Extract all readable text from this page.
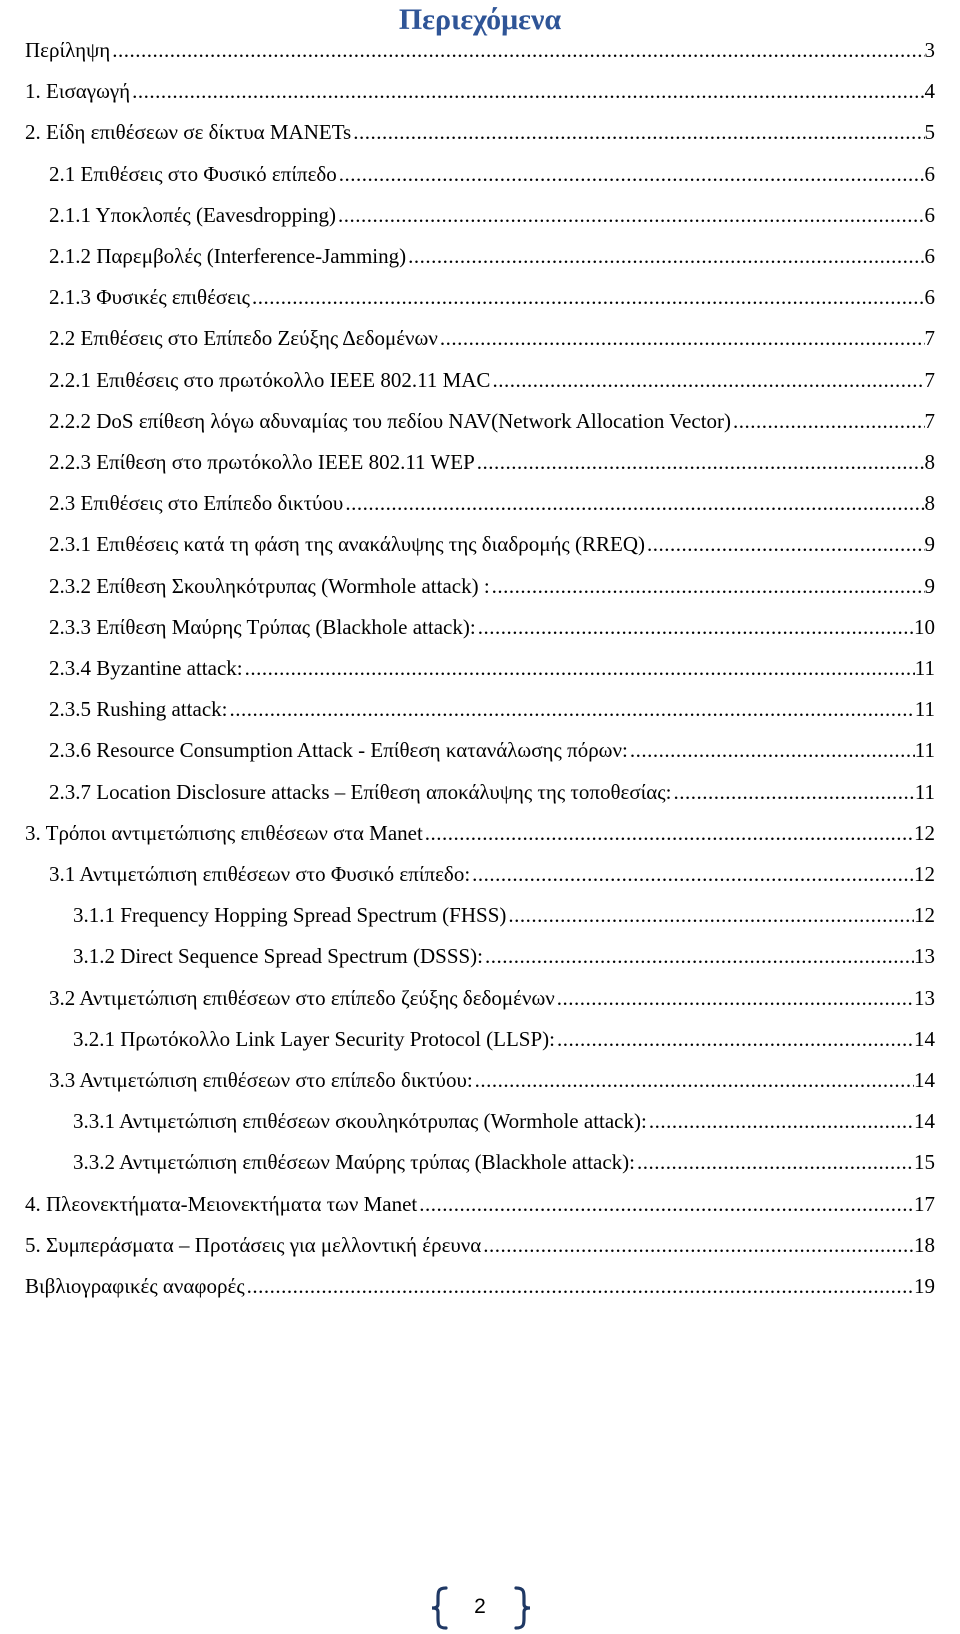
Περιεχόμενα
Περίληψη .....	3
1. Εισαγωγή .....	4
2. Είδη επιθέσεων σε δίκτυα MANETs .....	5
2.1 Επιθέσεις στο Φυσικό επίπεδο .....	6
2.1.1 Υποκλοπές (Eavesdropping) .....	6
2.1.2 Παρεμβολές (Interference-Jamming) .....	6
2.1.3 Φυσικές επιθέσεις .....	6
2.2 Επιθέσεις στο Επίπεδο Ζεύξης Δεδομένων .....	7
2.2.1 Επιθέσεις στο πρωτόκολλο IEEE 802.11 MAC .....	7
2.2.2 DoS επίθεση λόγω αδυναμίας του πεδίου NAV(Network Allocation Vector) .....	7
2.2.3 Επίθεση στο πρωτόκολλο IEEE 802.11 WEP .....	8
2.3 Επιθέσεις στο Επίπεδο δικτύου .....	8
2.3.1 Επιθέσεις κατά τη φάση της ανακάλυψης της διαδρομής (RREQ) .....	9
2.3.2 Επίθεση Σκουληκότρυπας (Wormhole attack) : .....	9
2.3.3 Επίθεση Μαύρης Τρύπας (Blackhole attack): .....	10
2.3.4 Byzantine attack: .....	11
2.3.5 Rushing attack: .....	11
2.3.6 Resource Consumption Attack - Επίθεση κατανάλωσης πόρων: .....	11
2.3.7 Location Disclosure attacks – Επίθεση αποκάλυψης της τοποθεσίας: .....	11
3. Τρόποι αντιμετώπισης επιθέσεων στα Manet .....	12
3.1 Αντιμετώπιση επιθέσεων στο Φυσικό επίπεδο: .....	12
3.1.1 Frequency Hopping Spread Spectrum (FHSS) .....	12
3.1.2 Direct Sequence Spread Spectrum (DSSS): .....	13
3.2 Αντιμετώπιση επιθέσεων στο επίπεδο ζεύξης δεδομένων .....	13
3.2.1 Πρωτόκολλο Link Layer Security Protocol (LLSP): .....	14
3.3 Αντιμετώπιση επιθέσεων στο επίπεδο δικτύου: .....	14
3.3.1 Αντιμετώπιση επιθέσεων σκουληκότρυπας (Wormhole attack): .....	14
3.3.2 Αντιμετώπιση επιθέσεων Μαύρης τρύπας (Blackhole attack): .....	15
4. Πλεονεκτήματα-Μειονεκτήματα των Manet .....	17
5. Συμπεράσματα – Προτάσεις για μελλοντική έρευνα .....	18
Βιβλιογραφικές αναφορές .....	19
2
